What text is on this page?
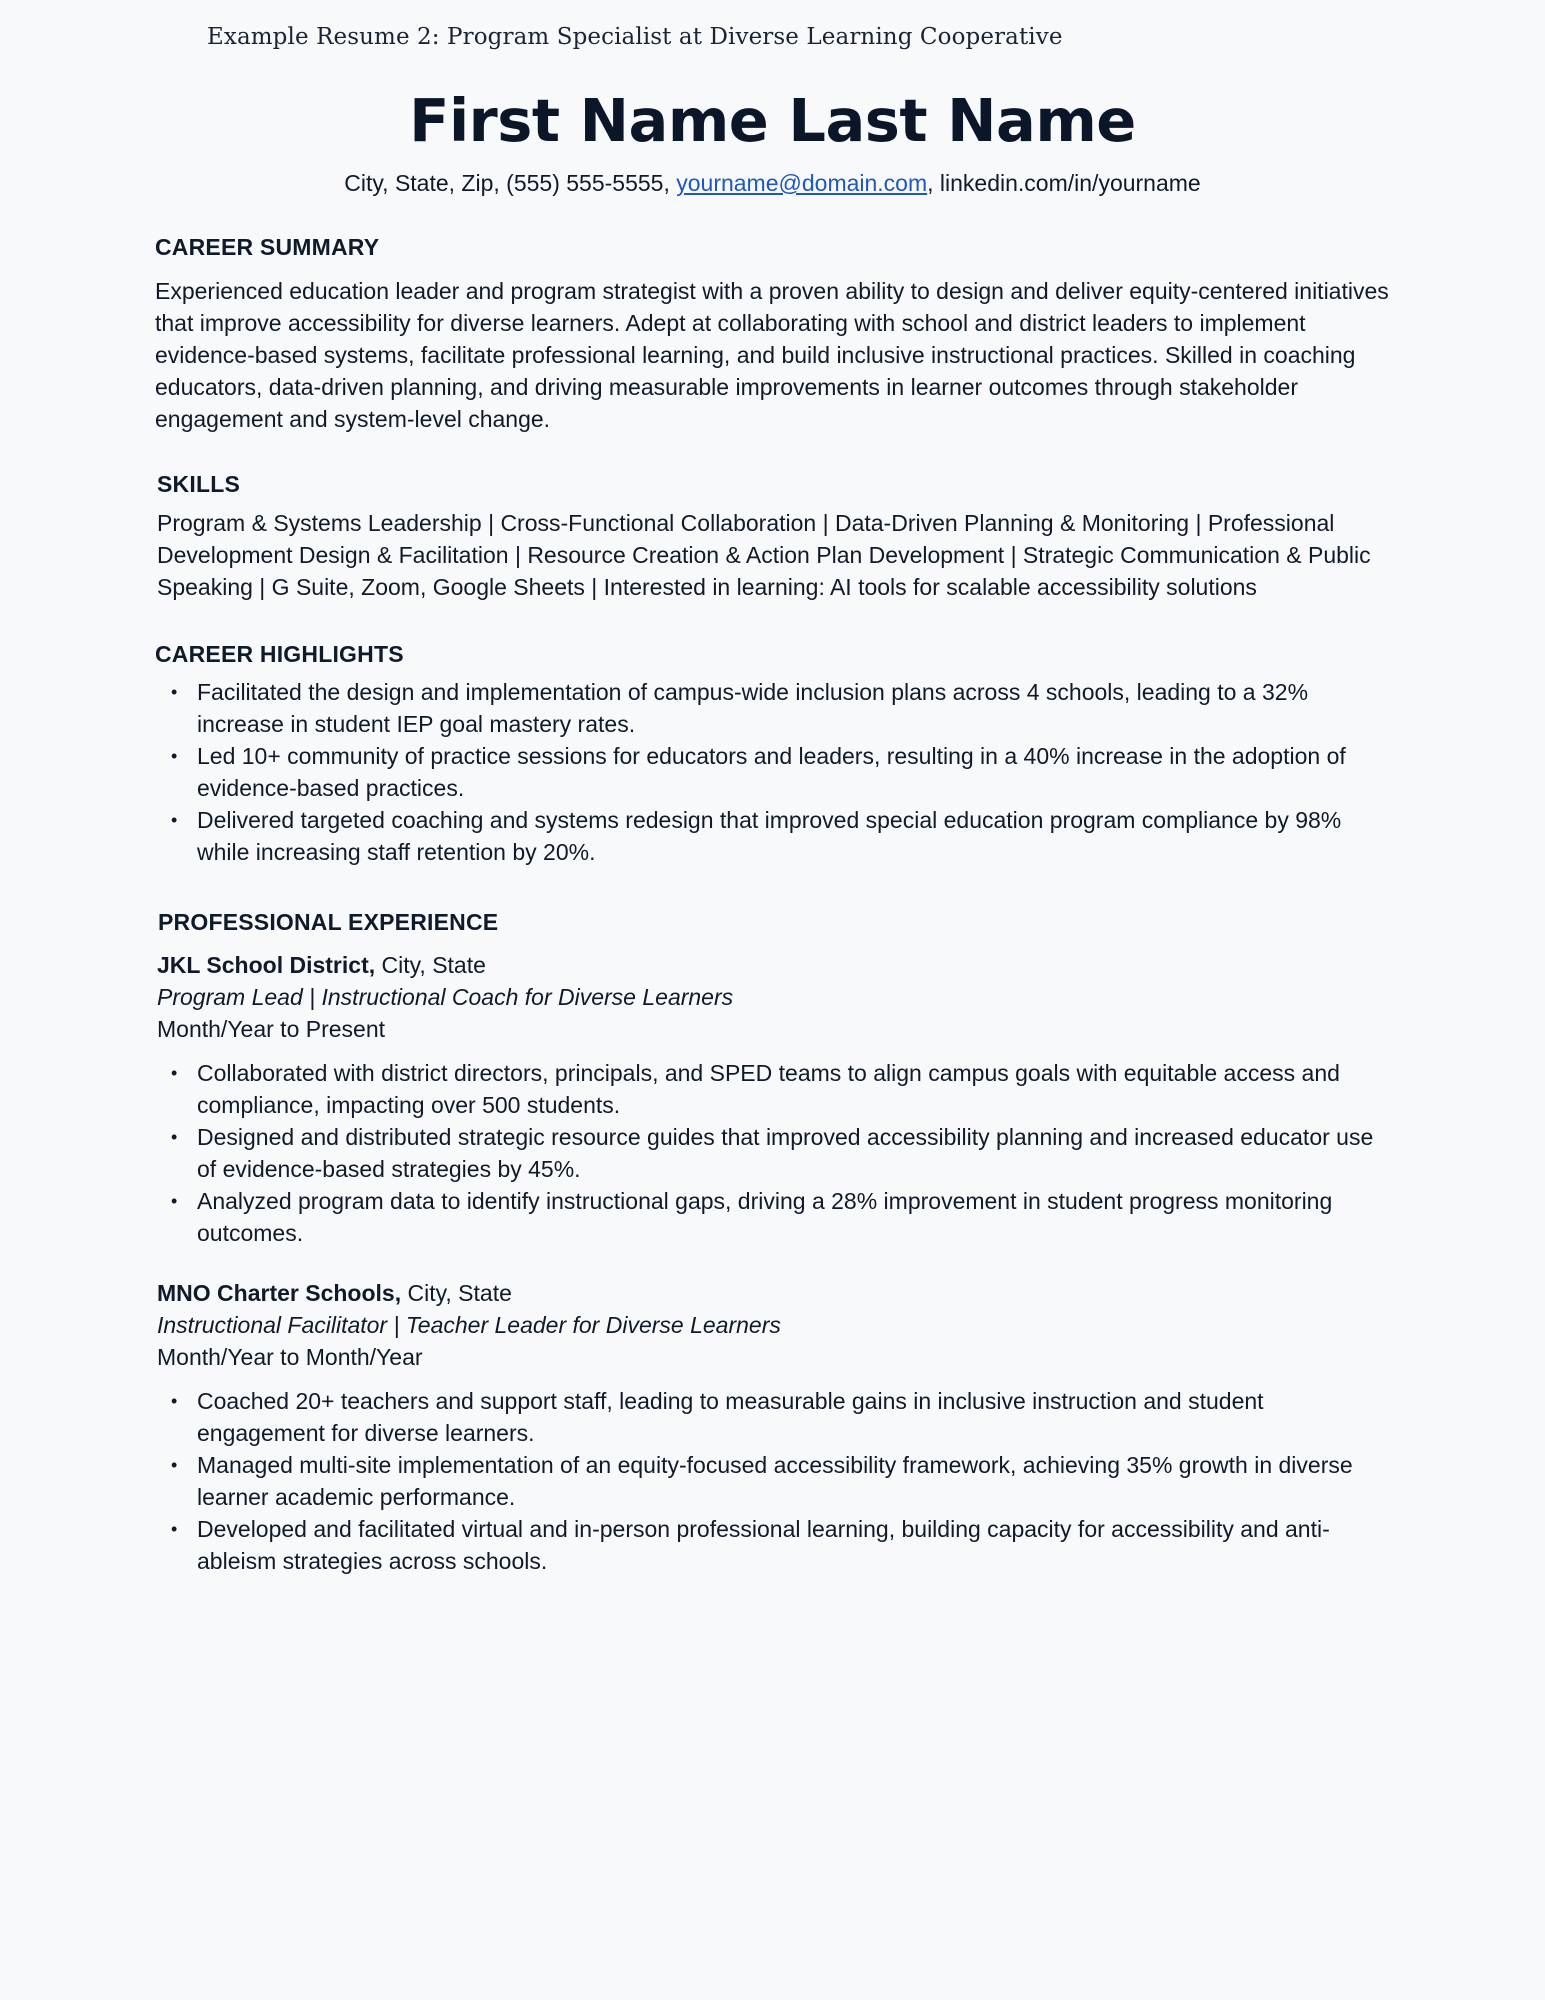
Example Resume 2: Program Specialist at Diverse Learning Cooperative
First Name Last Name
City, State, Zip, (555) 555-5555, yourname@domain.com, linkedin.com/in/yourname
CAREER SUMMARY

Experienced education leader and program strategist with a proven ability to design and deliver equity-centered initiatives that improve accessibility for diverse learners. Adept at collaborating with school and district leaders to implement evidence-based systems, facilitate professional learning, and build inclusive instructional practices. Skilled in coaching educators, data-driven planning, and driving measurable improvements in learner outcomes through stakeholder engagement and system-level change.

SKILLS

Program & Systems Leadership | Cross-Functional Collaboration | Data-Driven Planning & Monitoring | Professional Development Design & Facilitation | Resource Creation & Action Plan Development | Strategic Communication & Public Speaking | G Suite, Zoom, Google Sheets | Interested in learning: AI tools for scalable accessibility solutions

CAREER HIGHLIGHTS
• Facilitated the design and implementation of campus-wide inclusion plans across 4 schools, leading to a 32% increase in student IEP goal mastery rates.
• Led 10+ community of practice sessions for educators and leaders, resulting in a 40% increase in the adoption of evidence-based practices.
• Delivered targeted coaching and systems redesign that improved special education program compliance by 98% while increasing staff retention by 20%.
PROFESSIONAL EXPERIENCE
JKL School District, City, State
Program Lead | Instructional Coach for Diverse Learners
Month/Year to Present
• Collaborated with district directors, principals, and SPED teams to align campus goals with equitable access and compliance, impacting over 500 students.
• Designed and distributed strategic resource guides that improved accessibility planning and increased educator use of evidence-based strategies by 45%.
• Analyzed program data to identify instructional gaps, driving a 28% improvement in student progress monitoring outcomes.
MNO Charter Schools, City, State
Instructional Facilitator | Teacher Leader for Diverse Learners
Month/Year to Month/Year
• Coached 20+ teachers and support staff, leading to measurable gains in inclusive instruction and student engagement for diverse learners.
• Managed multi-site implementation of an equity-focused accessibility framework, achieving 35% growth in diverse learner academic performance.
• Developed and facilitated virtual and in-person professional learning, building capacity for accessibility and anti-ableism strategies across schools.
